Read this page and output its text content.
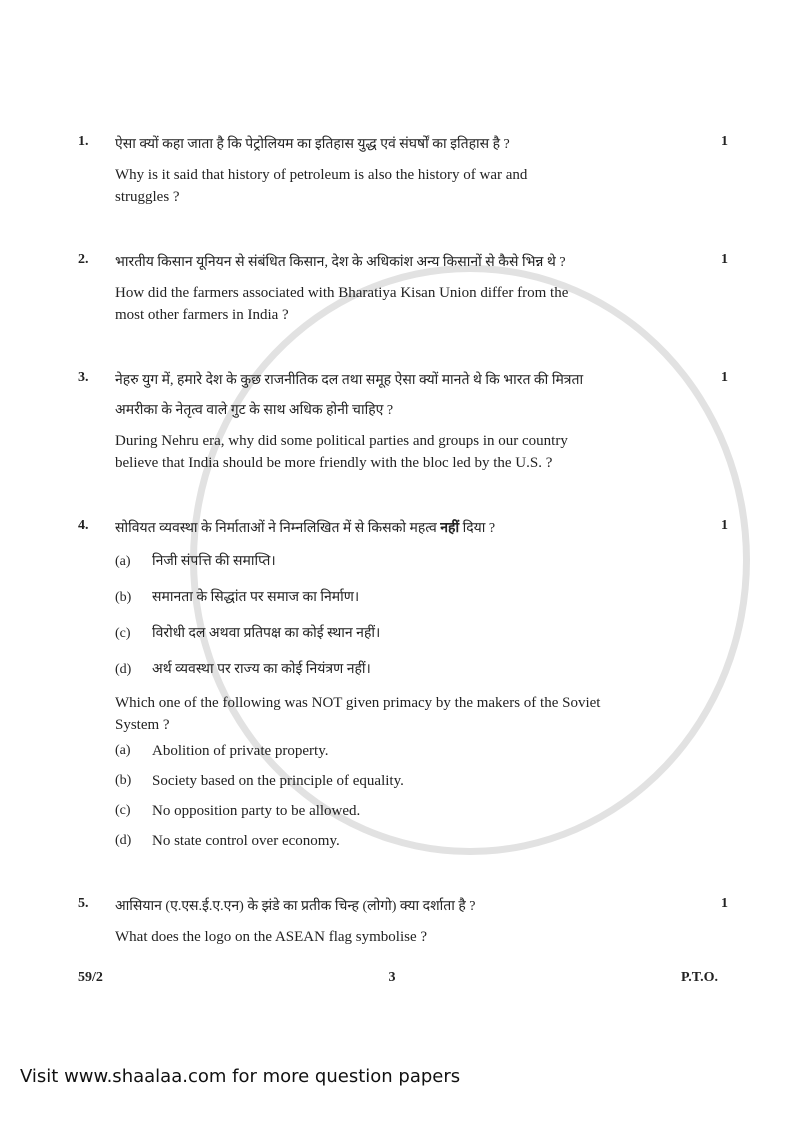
1.	ऐसा क्यों कहा जाता है कि पेट्रोलियम का इतिहास युद्ध एवं संघर्षों का इतिहास है ?
Why is it said that history of petroleum is also the history of war and
struggles ?
1
2.	भारतीय किसान यूनियन से संबंधित किसान, देश के अधिकांश अन्य किसानों से कैसे भिन्न थे ?
How did the farmers associated with Bharatiya Kisan Union differ from the
most other farmers in India ?
1
3.	नेहरु युग में, हमारे देश के कुछ राजनीतिक दल तथा समूह ऐसा क्यों मानते थे कि भारत की मित्रता
अमरीका के नेतृत्व वाले गुट के साथ अधिक होनी चाहिए ?
During Nehru era, why did some political parties and groups in our country
believe that India should be more friendly with the bloc led by the U.S. ?
1
4.	सोवियत व्यवस्था के निर्माताओं ने निम्नलिखित में से किसको महत्व नहीं दिया ?
(a)	निजी संपत्ति की समाप्ति।
(b)	समानता के सिद्धांत पर समाज का निर्माण।
(c)	विरोधी दल अथवा प्रतिपक्ष का कोई स्थान नहीं।
(d)	अर्थ व्यवस्था पर राज्य का कोई नियंत्रण नहीं।
Which one of the following was NOT given primacy by the makers of the Soviet
System ?
(a)	Abolition of private property.
(b)	Society based on the principle of equality.
(c)	No opposition party to be allowed.
(d)	No state control over economy.
1
5.	आसियान (ए.एस.ई.ए.एन) के झंडे का प्रतीक चिन्ह (लोगो) क्या दर्शाता है ?
What does the logo on the ASEAN flag symbolise ?
1
59/2	3	P.T.O.
Visit www.shaalaa.com for more question papers
